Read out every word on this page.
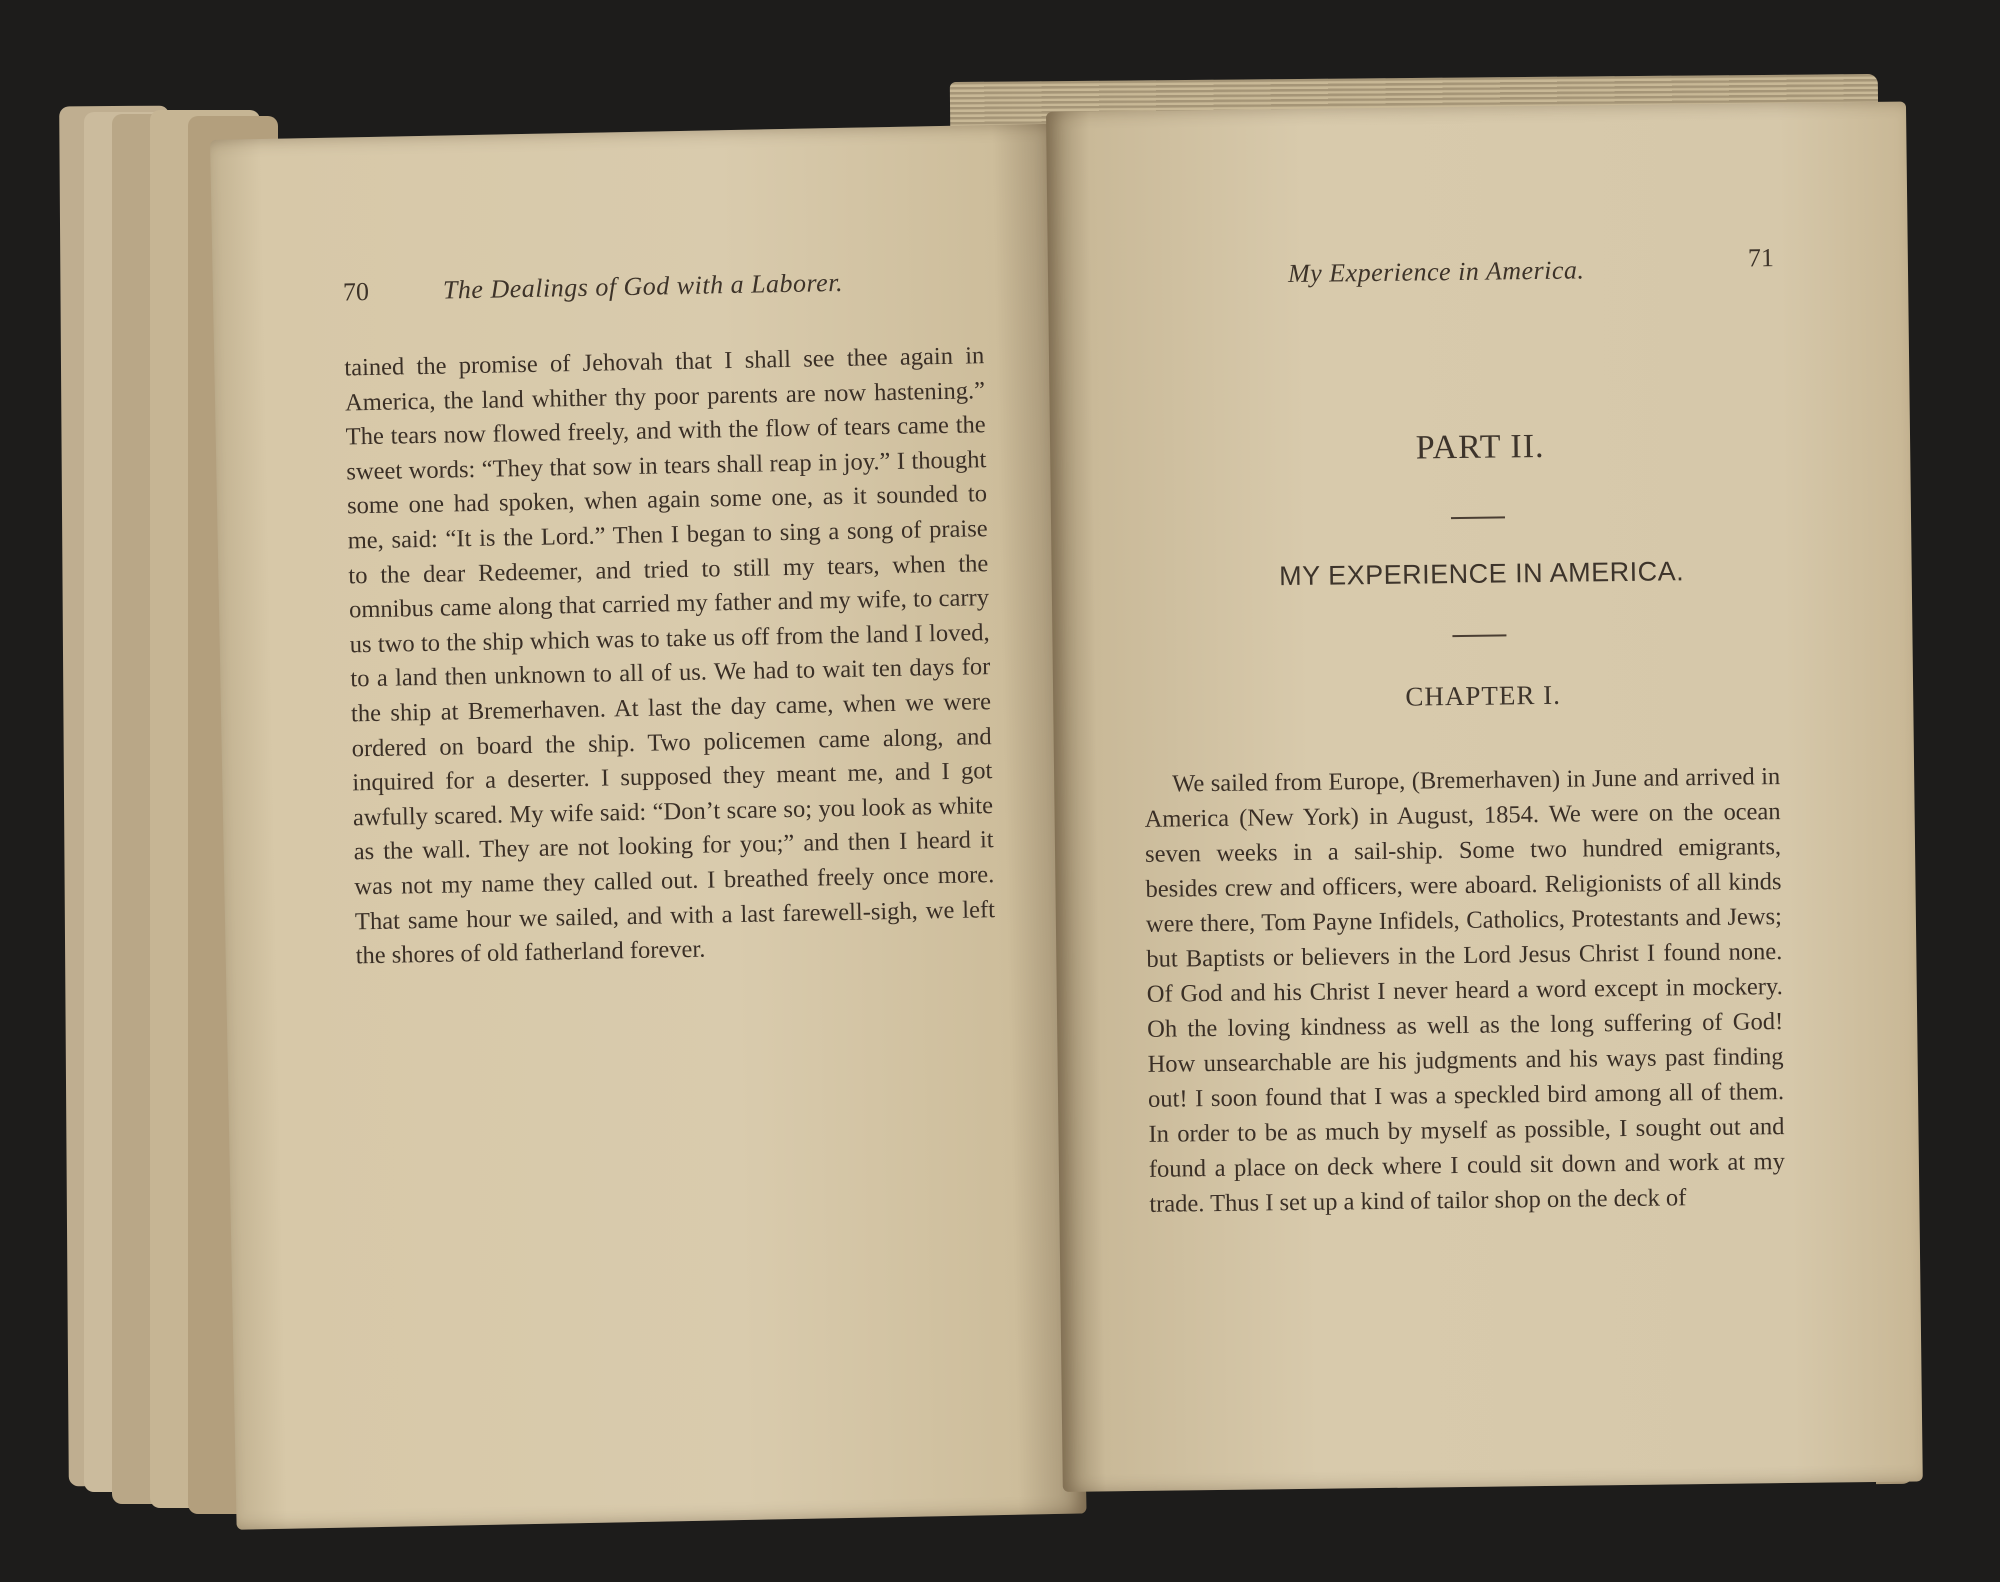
70	The Dealings of God with a Laborer.

tained the promise of Jehovah that I shall see thee again in America, the land whither thy poor parents are now hastening.” The tears now flowed freely, and with the flow of tears came the sweet words: “They that sow in tears shall reap in joy.” I thought some one had spoken, when again some one, as it sounded to me, said: “It is the Lord.” Then I began to sing a song of praise to the dear Redeemer, and tried to still my tears, when the omnibus came along that carried my father and my wife, to carry us two to the ship which was to take us off from the land I loved, to a land then unknown to all of us. We had to wait ten days for the ship at Bremerhaven. At last the day came, when we were ordered on board the ship. Two policemen came along, and inquired for a deserter. I supposed they meant me, and I got awfully scared. My wife said: “Don’t scare so; you look as white as the wall. They are not looking for you;” and then I heard it was not my name they called out. I breathed freely once more. That same hour we sailed, and with a last farewell-sigh, we left the shores of old fatherland forever.

My Experience in America.	71
PART II.
MY EXPERIENCE IN AMERICA.
CHAPTER I.

We sailed from Europe, (Bremerhaven) in June and arrived in America (New York) in August, 1854. We were on the ocean seven weeks in a sail-ship. Some two hundred emigrants, besides crew and officers, were aboard. Religionists of all kinds were there, Tom Payne Infidels, Catholics, Protestants and Jews; but Baptists or believers in the Lord Jesus Christ I found none. Of God and his Christ I never heard a word except in mockery. Oh the loving kindness as well as the long suffering of God! How unsearchable are his judgments and his ways past finding out! I soon found that I was a speckled bird among all of them. In order to be as much by myself as possible, I sought out and found a place on deck where I could sit down and work at my trade. Thus I set up a kind of tailor shop on the deck of
